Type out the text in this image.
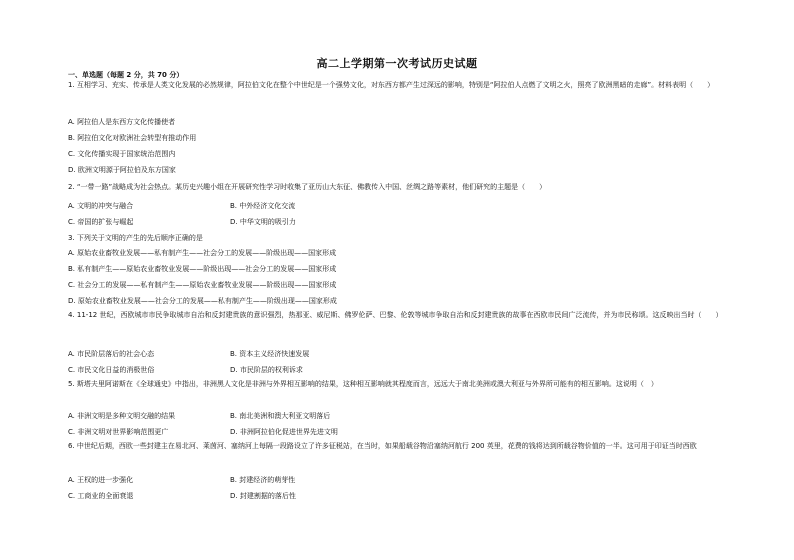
高二上学期第一次考试历史试题
一、单选题（每题 2 分，共 70 分）
1. 互相学习、充实、传承是人类文化发展的必然规律，阿拉伯文化在整个中世纪是一个强势文化，对东西方都产生过深远的影响，特别是“阿拉伯人点燃了文明之火，照亮了欧洲黑暗的走廊”。材料表明（　　）
A. 阿拉伯人是东西方文化传播使者
B. 阿拉伯文化对欧洲社会转型有推动作用
C. 文化传播实现于国家统治范围内
D. 欧洲文明源于阿拉伯及东方国家
2. “一带一路”战略成为社会热点。某历史兴趣小组在开展研究性学习时收集了亚历山大东征、佛教传入中国、丝绸之路等素材，他们研究的主题是（　　）
A. 文明的冲突与融合	B. 中外经济文化交流
C. 帝国的扩张与崛起	D. 中华文明的吸引力
3. 下列关于文明的产生的先后顺序正确的是
A. 原始农业畜牧业发展——私有制产生——社会分工的发展——阶级出现——国家形成
B. 私有制产生——原始农业畜牧业发展——阶级出现——社会分工的发展——国家形成
C. 社会分工的发展——私有制产生——原始农业畜牧业发展——阶级出现——国家形成
D. 原始农业畜牧业发展——社会分工的发展——私有制产生——阶级出现——国家形成
4. 11-12 世纪，西欧城市市民争取城市自治和反封建贵族的意识强烈，热那亚、威尼斯、佛罗伦萨、巴黎、伦敦等城市争取自治和反封建贵族的故事在西欧市民间广泛流传，并为市民称颂。这反映出当时（　　）
A. 市民阶层落后的社会心态	B. 资本主义经济快速发展
C. 市民文化日益的消极世俗	D. 市民阶层的权利诉求
5. 斯塔夫里阿诺斯在《全球通史》中指出，非洲黑人文化是非洲与外界相互影响的结果，这种相互影响就其程度而言，远远大于南北美洲或澳大利亚与外界所可能有的相互影响。这说明（　）
A. 非洲文明是多种文明交融的结果	B. 南北美洲和澳大利亚文明落后
C. 非洲文明对世界影响范围更广	D. 非洲阿拉伯化促进世界先进文明
6. 中世纪后期，西欧一些封建主在易北河、莱茵河、塞纳河上每隔一段路设立了许多征税站，在当时，如果船载谷物沿塞纳河航行 200 英里，花费的钱将达到所载谷物价值的一半。这可用于印证当时西欧
A. 王权的进一步强化	B. 封建经济的萌芽性
C. 工商业的全面衰退	D. 封建割据的落后性
